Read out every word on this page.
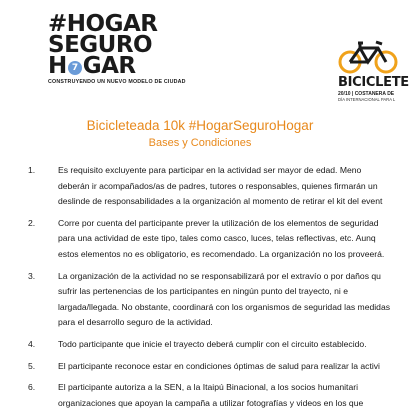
#HOGAR
SEGURO
H 7 GAR
CONSTRUYENDO UN NUEVO MODELO DE CIUDAD	BICICLETE
20/10 | COSTANERA DE
DÍA INTERNACIONAL PARA L
Bicicleteada 10k #HogarSeguroHogar
Bases y Condiciones
1.	Es requisito excluyente para participar en la actividad ser mayor de edad. Meno
deberán ir acompañados/as de padres, tutores o responsables, quienes firmarán un
deslinde de responsabilidades a la organización al momento de retirar el kit del event
2.	Corre por cuenta del participante prever la utilización de los elementos de seguridad
para una actividad de este tipo, tales como casco, luces, telas reflectivas, etc. Aunq
estos elementos no es obligatorio, es recomendado. La organización no los proveerá.
3.	La organización de la actividad no se responsabilizará por el extravío o por daños qu
sufrir las pertenencias de los participantes en ningún punto del trayecto, ni e
largada/llegada. No obstante, coordinará con los organismos de seguridad las medidas
para el desarrollo seguro de la actividad.
4.	Todo participante que inicie el trayecto deberá cumplir con el circuito establecido.
5.	El participante reconoce estar en condiciones óptimas de salud para realizar la activi
6.	El participante autoriza a la SEN, a la Itaipú Binacional, a los socios humanitari
organizaciones que apoyan la campaña a utilizar fotografías y videos en los que
